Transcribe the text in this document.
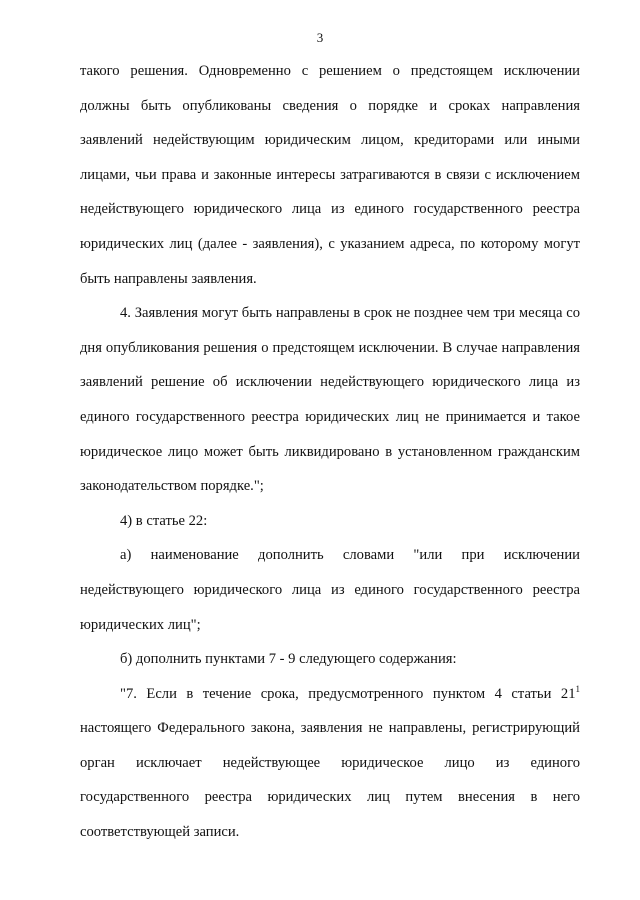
3

такого решения. Одновременно с решением о предстоящем исключении должны быть опубликованы сведения о порядке и сроках направления заявлений недействующим юридическим лицом, кредиторами или иными лицами, чьи права и законные интересы затрагиваются в связи с исключением недействующего юридического лица из единого государственного реестра юридических лиц (далее - заявления), с указанием адреса, по которому могут быть направлены заявления.

4. Заявления могут быть направлены в срок не позднее чем три месяца со дня опубликования решения о предстоящем исключении. В случае направления заявлений решение об исключении недействующего юридического лица из единого государственного реестра юридических лиц не принимается и такое юридическое лицо может быть ликвидировано в установленном гражданским законодательством порядке.";

4) в статье 22:

а) наименование дополнить словами "или при исключении недействующего юридического лица из единого государственного реестра юридических лиц";

б) дополнить пунктами 7 - 9 следующего содержания:

"7. Если в течение срока, предусмотренного пунктом 4 статьи $21^1$ настоящего Федерального закона, заявления не направлены, регистрирующий орган исключает недействующее юридическое лицо из единого государственного реестра юридических лиц путем внесения в него соответствующей записи.
